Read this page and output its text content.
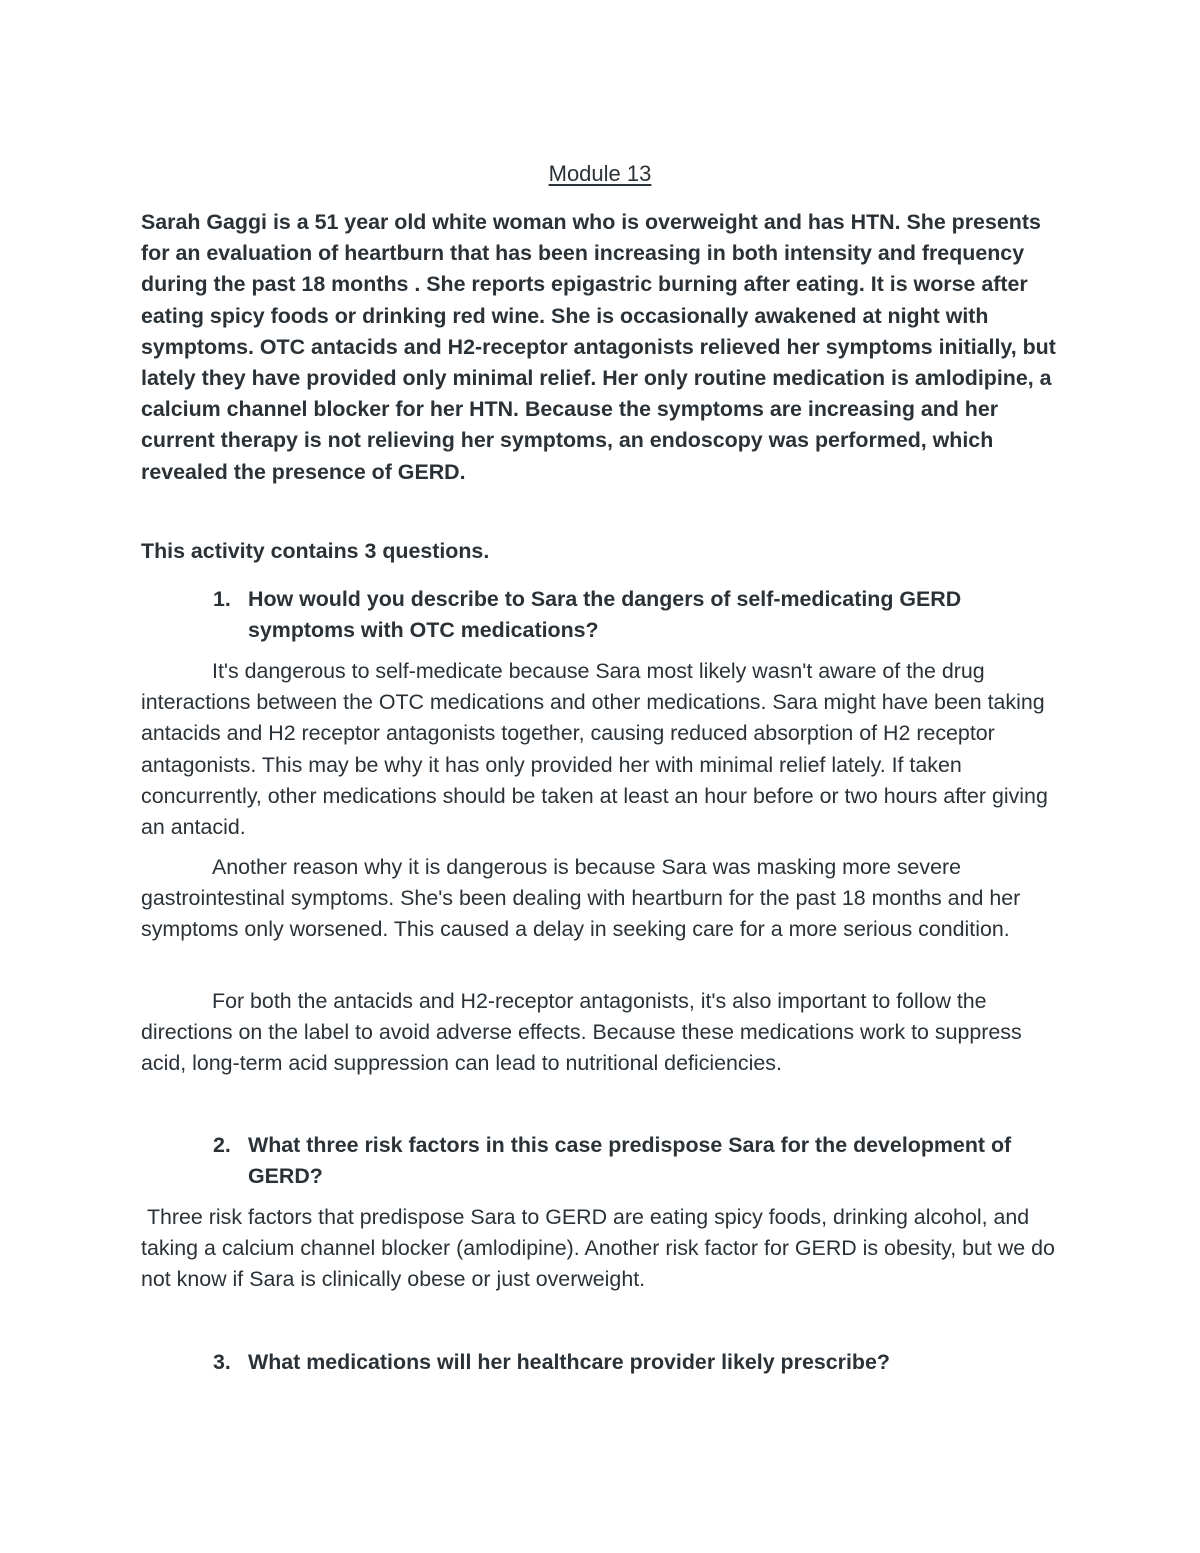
Module 13

Sarah Gaggi is a 51 year old white woman who is overweight and has HTN. She presents for an evaluation of heartburn that has been increasing in both intensity and frequency during the past 18 months . She reports epigastric burning after eating. It is worse after eating spicy foods or drinking red wine. She is occasionally awakened at night with symptoms. OTC antacids and H2-receptor antagonists relieved her symptoms initially, but lately they have provided only minimal relief. Her only routine medication is amlodipine, a calcium channel blocker for her HTN. Because the symptoms are increasing and her current therapy is not relieving her symptoms, an endoscopy was performed, which revealed the presence of GERD.

This activity contains 3 questions.

1. How would you describe to Sara the dangers of self-medicating GERD symptoms with OTC medications?

It's dangerous to self-medicate because Sara most likely wasn't aware of the drug interactions between the OTC medications and other medications. Sara might have been taking antacids and H2 receptor antagonists together, causing reduced absorption of H2 receptor antagonists. This may be why it has only provided her with minimal relief lately. If taken concurrently, other medications should be taken at least an hour before or two hours after giving an antacid.

Another reason why it is dangerous is because Sara was masking more severe gastrointestinal symptoms. She's been dealing with heartburn for the past 18 months and her symptoms only worsened. This caused a delay in seeking care for a more serious condition.

For both the antacids and H2-receptor antagonists, it's also important to follow the directions on the label to avoid adverse effects. Because these medications work to suppress acid, long-term acid suppression can lead to nutritional deficiencies.

2. What three risk factors in this case predispose Sara for the development of GERD?

Three risk factors that predispose Sara to GERD are eating spicy foods, drinking alcohol, and taking a calcium channel blocker (amlodipine). Another risk factor for GERD is obesity, but we do not know if Sara is clinically obese or just overweight.

3. What medications will her healthcare provider likely prescribe?
